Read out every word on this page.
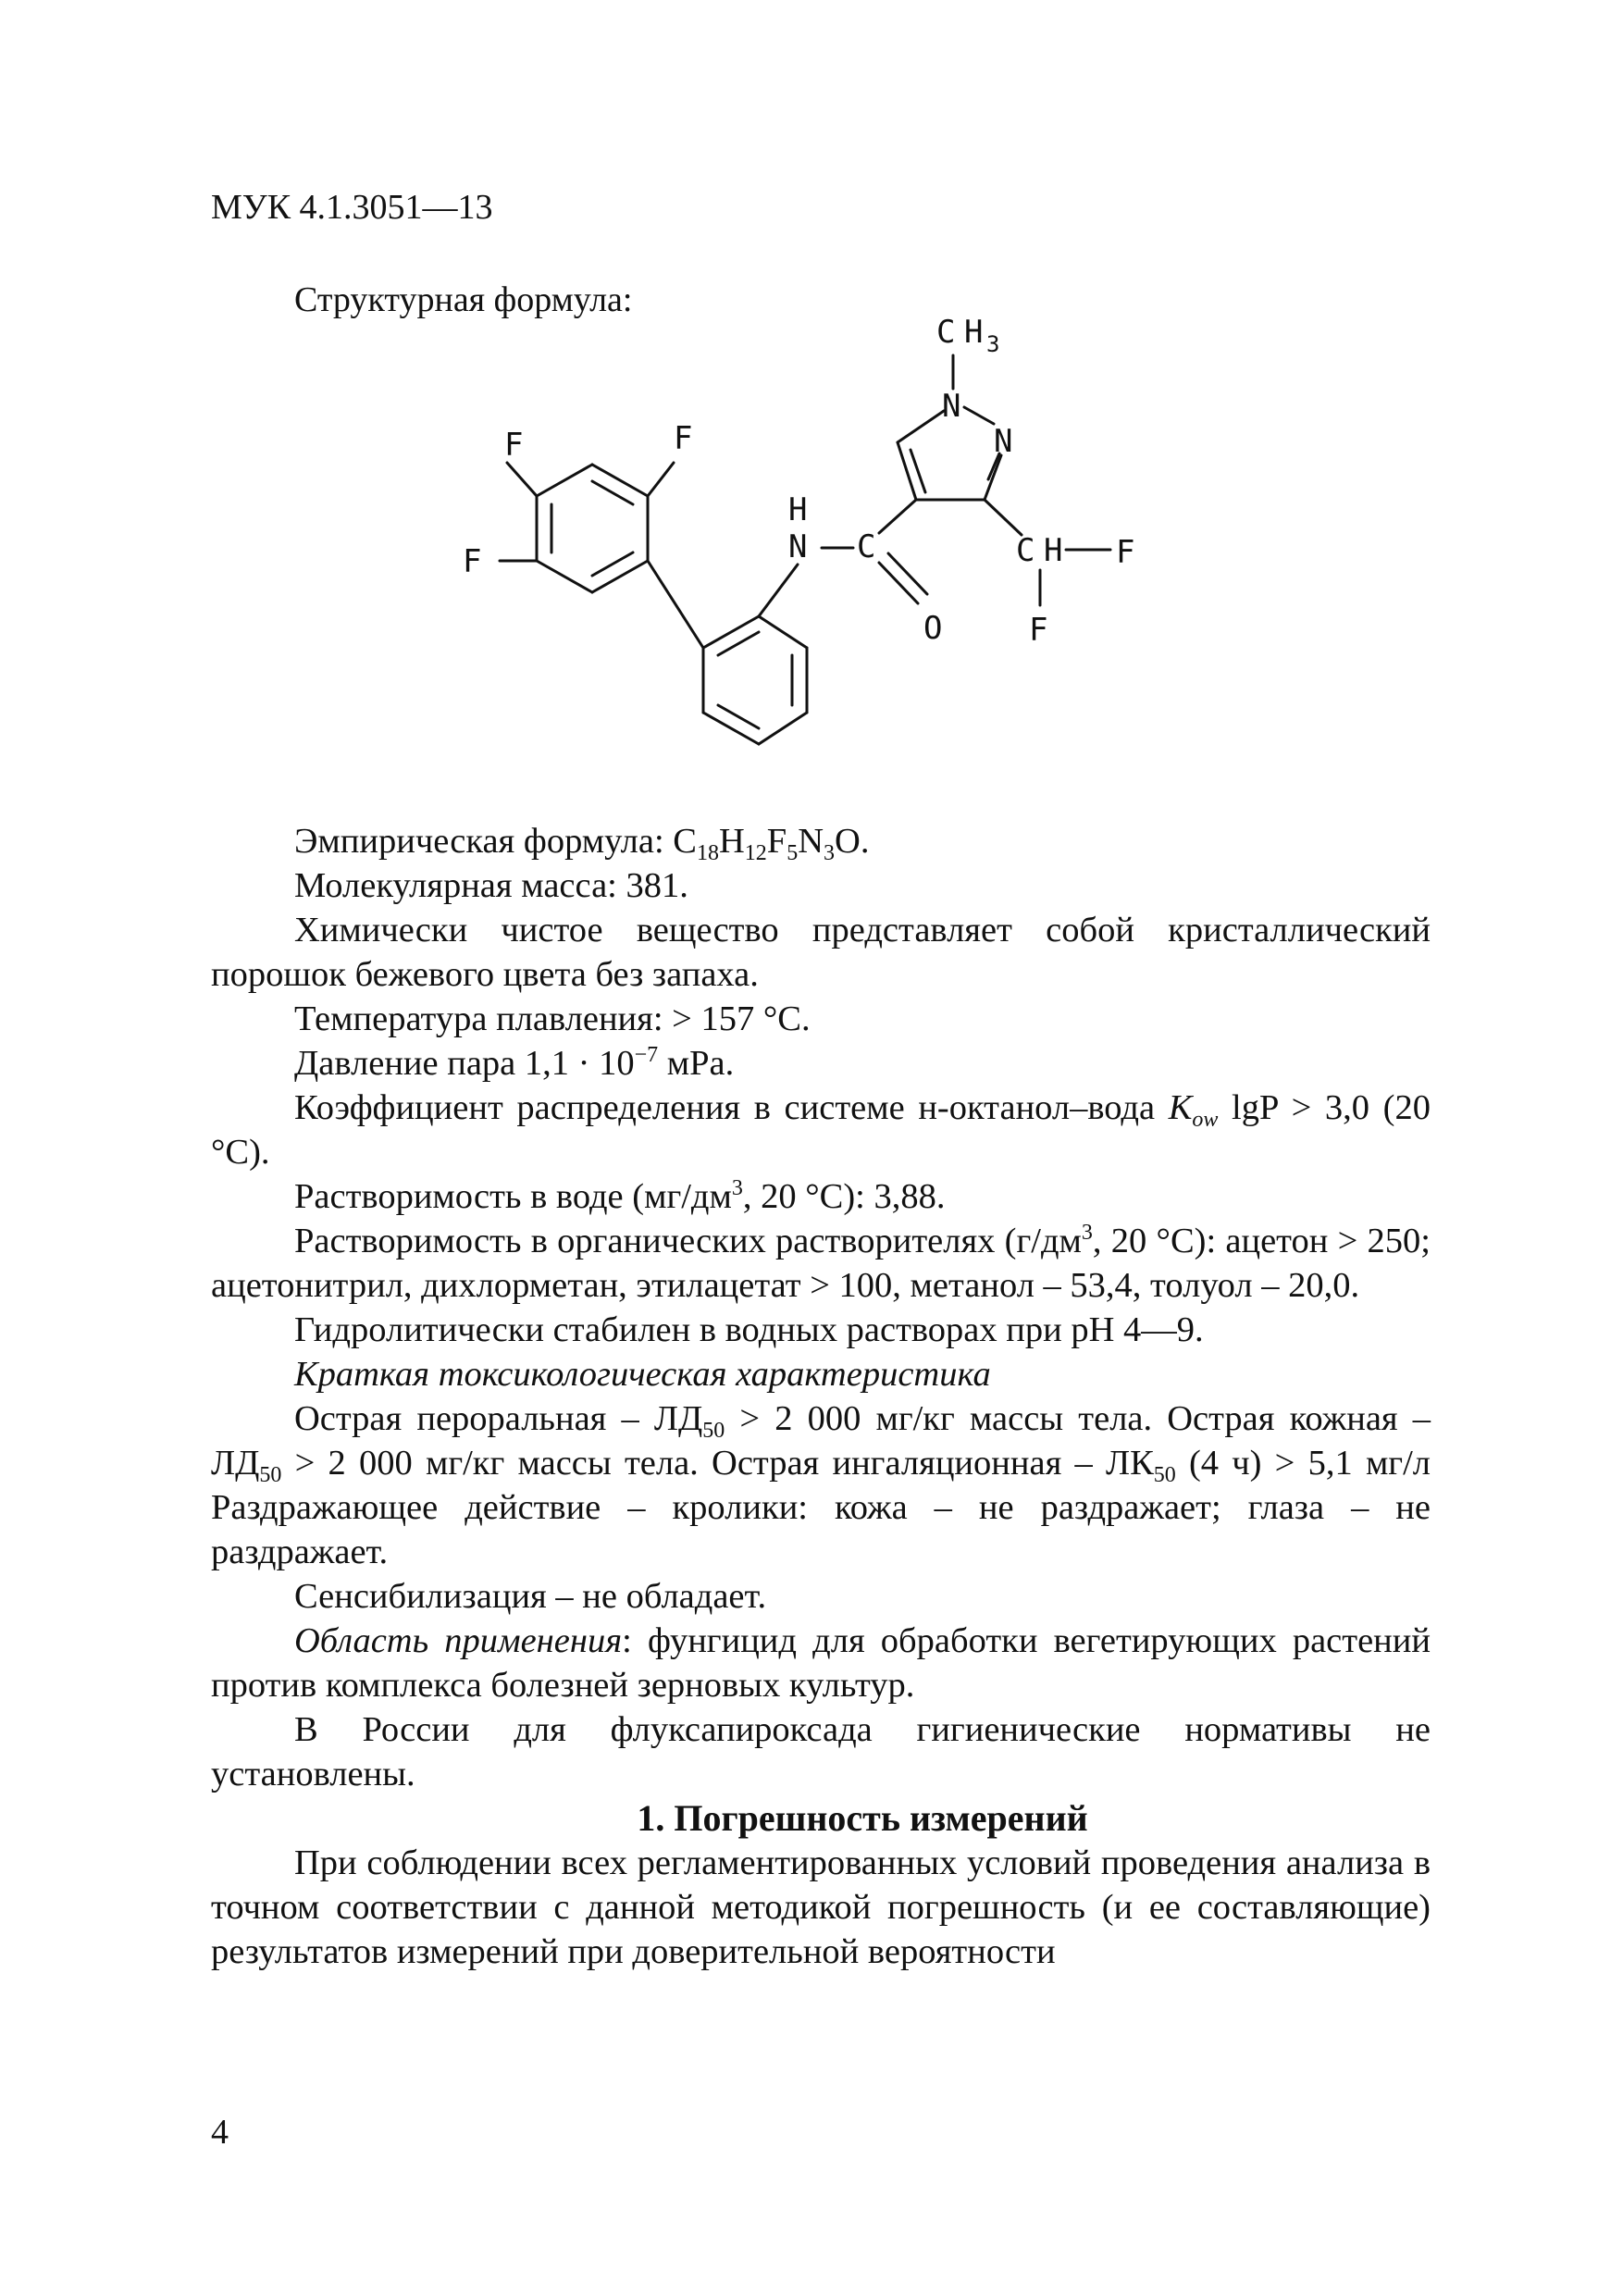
МУК 4.1.3051—13
Структурная формула:
F	F
F	N
H
C
O
N
N
C H 3
C H F
F

Эмпирическая формула: $C_{18}H_{12}F_5N_3O$.

Молекулярная масса: 381.

Химически чистое вещество представляет собой кристаллический порошок бежевого цвета без запаха.

Температура плавления: > 157 °C.

Давление пара $1,1 \cdot 10^{-7}$ мPa.

Коэффициент распределения в системе н-октанол–вода $K_{ow}$ lgP > 3,0 (20 °C).

Растворимость в воде ($мг/дм^3$, 20 °C): 3,88.

Растворимость в органических растворителях ($г/дм^3$, 20 °C): ацетон > 250; ацетонитрил, дихлорметан, этилацетат > 100, метанол – 53,4, толуол – 20,0.

Гидролитически стабилен в водных растворах при pH 4—9.

Краткая токсикологическая характеристика

Острая пероральная – $ЛД_{50} > 2$ 000 мг/кг массы тела. Острая кожная – $ЛД_{50} > 2$ 000 мг/кг массы тела. Острая ингаляционная – $ЛК_{50}$ (4 ч) > 5,1 мг/л Раздражающее действие – кролики: кожа – не раздражает; глаза – не раздражает.

Сенсибилизация – не обладает.

Область применения: фунгицид для обработки вегетирующих растений против комплекса болезней зерновых культур.

В России для флуксапироксада гигиенические нормативы не установлены.

1. Погрешность измерений

При соблюдении всех регламентированных условий проведения анализа в точном соответствии с данной методикой погрешность (и ее составляющие) результатов измерений при доверительной вероятности

4
